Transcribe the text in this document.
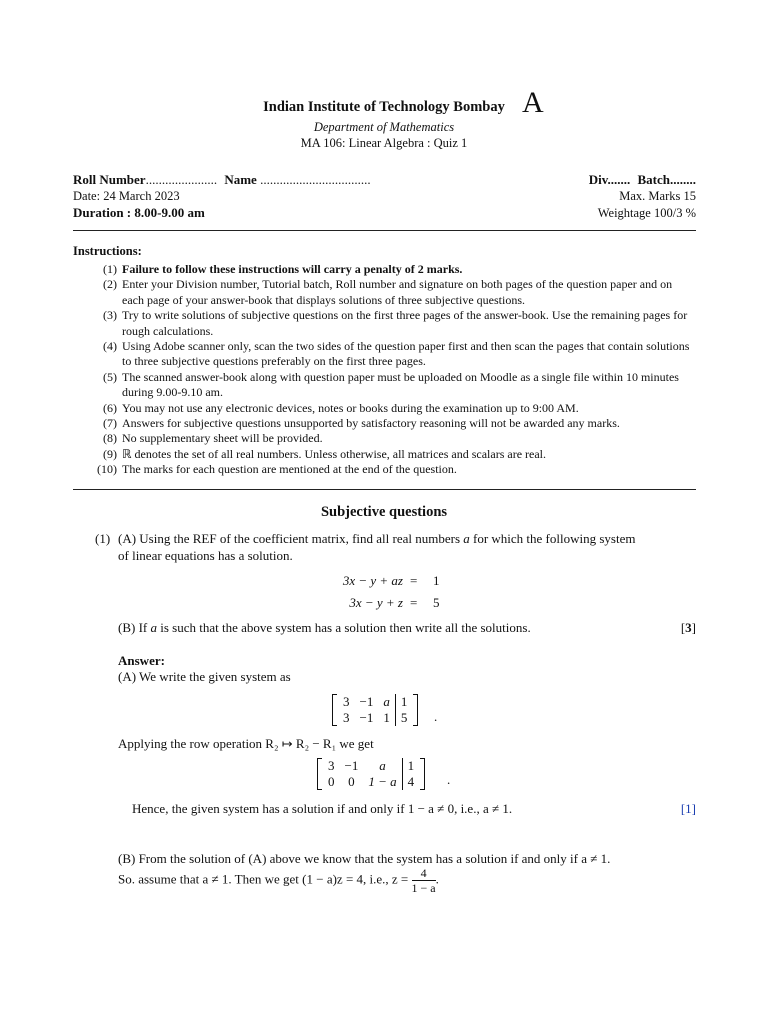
Indian Institute of Technology Bombay A
Department of Mathematics
MA 106: Linear Algebra : Quiz 1
Roll Number...................... Name ..................................	Div....... Batch........
Date: 24 March 2023	Max. Marks 15
Duration : 8.00-9.00 am	Weightage 100/3 %
Instructions:
(1) Failure to follow these instructions will carry a penalty of 2 marks.
(2) Enter your Division number, Tutorial batch, Roll number and signature on both pages of the question paper and on each page of your answer-book that displays solutions of three subjective questions.
(3) Try to write solutions of subjective questions on the first three pages of the answer-book. Use the remaining pages for rough calculations.
(4) Using Adobe scanner only, scan the two sides of the question paper first and then scan the pages that contain solutions to three subjective questions preferably on the first three pages.
(5) The scanned answer-book along with question paper must be uploaded on Moodle as a single file within 10 minutes during 9.00-9.10 am.
(6) You may not use any electronic devices, notes or books during the examination up to 9:00 AM.
(7) Answers for subjective questions unsupported by satisfactory reasoning will not be awarded any marks.
(8) No supplementary sheet will be provided.
(9) ℝ denotes the set of all real numbers. Unless otherwise, all matrices and scalars are real.
(10) The marks for each question are mentioned at the end of the question.
Subjective questions
(1) (A) Using the REF of the coefficient matrix, find all real numbers a for which the following system
of linear equations has a solution.
3x − y + az = 1
3x − y + z = 5
(B) If a is such that the above system has a solution then write all the solutions.	[3]
Answer:
(A) We write the given system as
3	−1	a	1
3	−1	1	5 .
Applying the row operation R₂ ↦ R₂ − R₁ we get
3	−1	a	1
0	0	1 − a	4	.
Hence, the given system has a solution if and only if 1 − a ≠ 0, i.e., a ≠ 1.	[1]
(B) From the solution of (A) above we know that the system has a solution if and only if a ≠ 1.
So. assume that a ≠ 1. Then we get (1 − a)z = 4, i.e., $z = \frac{4}{1 - a}$ .
